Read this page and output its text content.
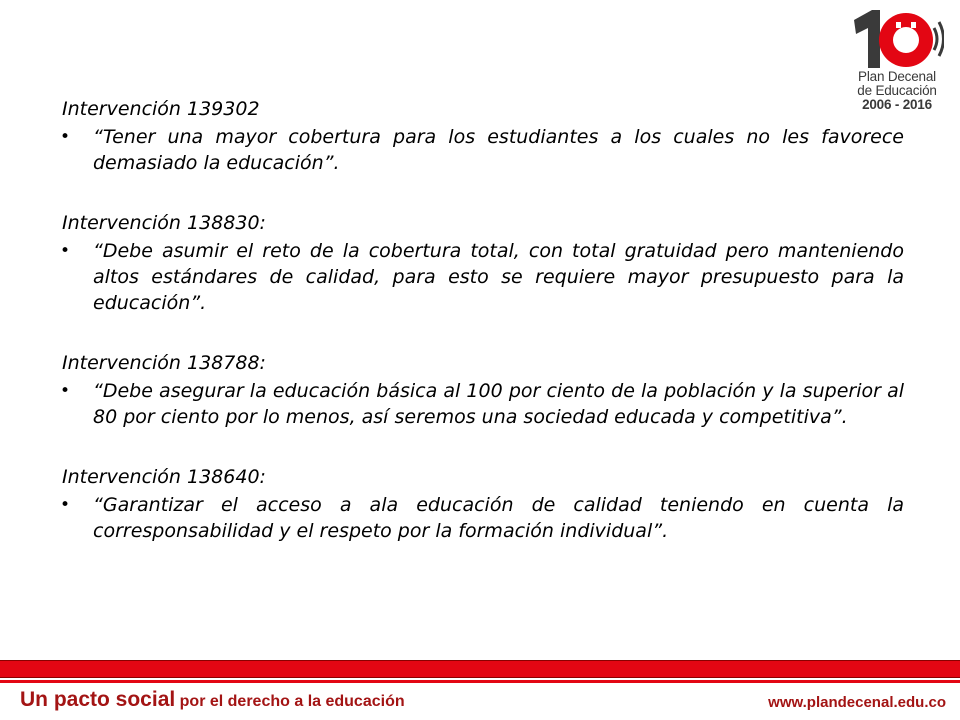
Plan Decenal
de Educación
2006 - 2016
Intervención 139302
• “Tener una mayor cobertura para los estudiantes a los cuales no les favorece demasiado la educación”.
Intervención 138830:
• “Debe asumir el reto de la cobertura total, con total gratuidad pero manteniendo altos estándares de calidad, para esto se requiere mayor presupuesto para la educación”.
Intervención 138788:
• “Debe asegurar la educación básica al 100 por ciento de la población y la superior al 80 por ciento por lo menos, así seremos una sociedad educada y competitiva”.
Intervención 138640:
• “Garantizar el acceso a ala educación de calidad teniendo en cuenta la corresponsabilidad y el respeto por la formación individual”.
Un pacto social por el derecho a la educación	www.plandecenal.edu.co
